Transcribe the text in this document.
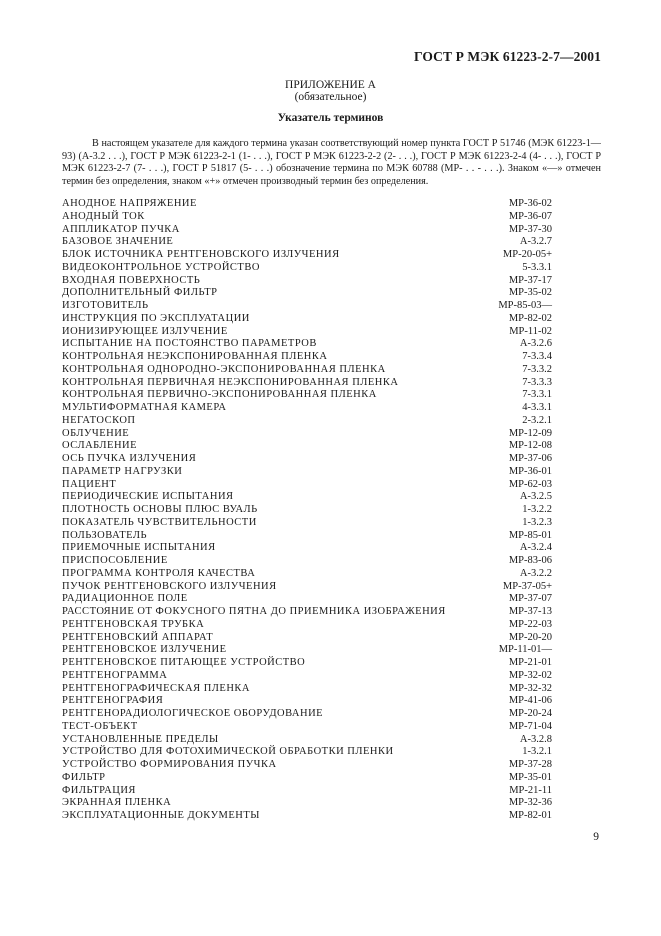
ГОСТ Р МЭК 61223-2-7—2001
ПРИЛОЖЕНИЕ А
(обязательное)
Указатель терминов

В настоящем указателе для каждого термина указан соответствующий номер пункта ГОСТ Р 51746 (МЭК 61223-1—93) (А-3.2 . . .), ГОСТ Р МЭК 61223-2-1 (1- . . .), ГОСТ Р МЭК 61223-2-2 (2- . . .), ГОСТ Р МЭК 61223-2-4 (4- . . .), ГОСТ Р МЭК 61223-2-7 (7- . . .), ГОСТ Р 51817 (5- . . .) обозначение термина по МЭК 60788 (МР- . . - . . .). Знаком «—» отмечен термин без определения, знаком «+» отмечен производный термин без определения.

АНОДНОЕ НАПРЯЖЕНИЕ	МР-36-02
АНОДНЫЙ ТОК	МР-36-07
АППЛИКАТОР ПУЧКА	МР-37-30
БАЗОВОЕ ЗНАЧЕНИЕ	А-3.2.7
БЛОК ИСТОЧНИКА РЕНТГЕНОВСКОГО ИЗЛУЧЕНИЯ	МР-20-05+
ВИДЕОКОНТРОЛЬНОЕ УСТРОЙСТВО	5-3.3.1
ВХОДНАЯ ПОВЕРХНОСТЬ	МР-37-17
ДОПОЛНИТЕЛЬНЫЙ ФИЛЬТР	МР-35-02
ИЗГОТОВИТЕЛЬ	МР-85-03—
ИНСТРУКЦИЯ ПО ЭКСПЛУАТАЦИИ	МР-82-02
ИОНИЗИРУЮЩЕЕ ИЗЛУЧЕНИЕ	МР-11-02
ИСПЫТАНИЕ НА ПОСТОЯНСТВО ПАРАМЕТРОВ	А-3.2.6
КОНТРОЛЬНАЯ НЕЭКСПОНИРОВАННАЯ ПЛЕНКА	7-3.3.4
КОНТРОЛЬНАЯ ОДНОРОДНО-ЭКСПОНИРОВАННАЯ ПЛЕНКА	7-3.3.2
КОНТРОЛЬНАЯ ПЕРВИЧНАЯ НЕЭКСПОНИРОВАННАЯ ПЛЕНКА	7-3.3.3
КОНТРОЛЬНАЯ ПЕРВИЧНО-ЭКСПОНИРОВАННАЯ ПЛЕНКА	7-3.3.1
МУЛЬТИФОРМАТНАЯ КАМЕРА	4-3.3.1
НЕГАТОСКОП	2-3.2.1
ОБЛУЧЕНИЕ	МР-12-09
ОСЛАБЛЕНИЕ	МР-12-08
ОСЬ ПУЧКА ИЗЛУЧЕНИЯ	МР-37-06
ПАРАМЕТР НАГРУЗКИ	МР-36-01
ПАЦИЕНТ	МР-62-03
ПЕРИОДИЧЕСКИЕ ИСПЫТАНИЯ	А-3.2.5
ПЛОТНОСТЬ ОСНОВЫ ПЛЮС ВУАЛЬ	1-3.2.2
ПОКАЗАТЕЛЬ ЧУВСТВИТЕЛЬНОСТИ	1-3.2.3
ПОЛЬЗОВАТЕЛЬ	МР-85-01
ПРИЕМОЧНЫЕ ИСПЫТАНИЯ	А-3.2.4
ПРИСПОСОБЛЕНИЕ	МР-83-06
ПРОГРАММА КОНТРОЛЯ КАЧЕСТВА	А-3.2.2
ПУЧОК РЕНТГЕНОВСКОГО ИЗЛУЧЕНИЯ	МР-37-05+
РАДИАЦИОННОЕ ПОЛЕ	МР-37-07
РАССТОЯНИЕ ОТ ФОКУСНОГО ПЯТНА ДО ПРИЕМНИКА ИЗОБРАЖЕНИЯ	МР-37-13
РЕНТГЕНОВСКАЯ ТРУБКА	МР-22-03
РЕНТГЕНОВСКИЙ АППАРАТ	МР-20-20
РЕНТГЕНОВСКОЕ ИЗЛУЧЕНИЕ	МР-11-01—
РЕНТГЕНОВСКОЕ ПИТАЮЩЕЕ УСТРОЙСТВО	МР-21-01
РЕНТГЕНОГРАММА	МР-32-02
РЕНТГЕНОГРАФИЧЕСКАЯ ПЛЕНКА	МР-32-32
РЕНТГЕНОГРАФИЯ	МР-41-06
РЕНТГЕНОРАДИОЛОГИЧЕСКОЕ ОБОРУДОВАНИЕ	МР-20-24
ТЕСТ-ОБЪЕКТ	МР-71-04
УСТАНОВЛЕННЫЕ ПРЕДЕЛЫ	А-3.2.8
УСТРОЙСТВО ДЛЯ ФОТОХИМИЧЕСКОЙ ОБРАБОТКИ ПЛЕНКИ	1-3.2.1
УСТРОЙСТВО ФОРМИРОВАНИЯ ПУЧКА	МР-37-28
ФИЛЬТР	МР-35-01
ФИЛЬТРАЦИЯ	МР-21-11
ЭКРАННАЯ ПЛЕНКА	МР-32-36
ЭКСПЛУАТАЦИОННЫЕ ДОКУМЕНТЫ	МР-82-01
9
